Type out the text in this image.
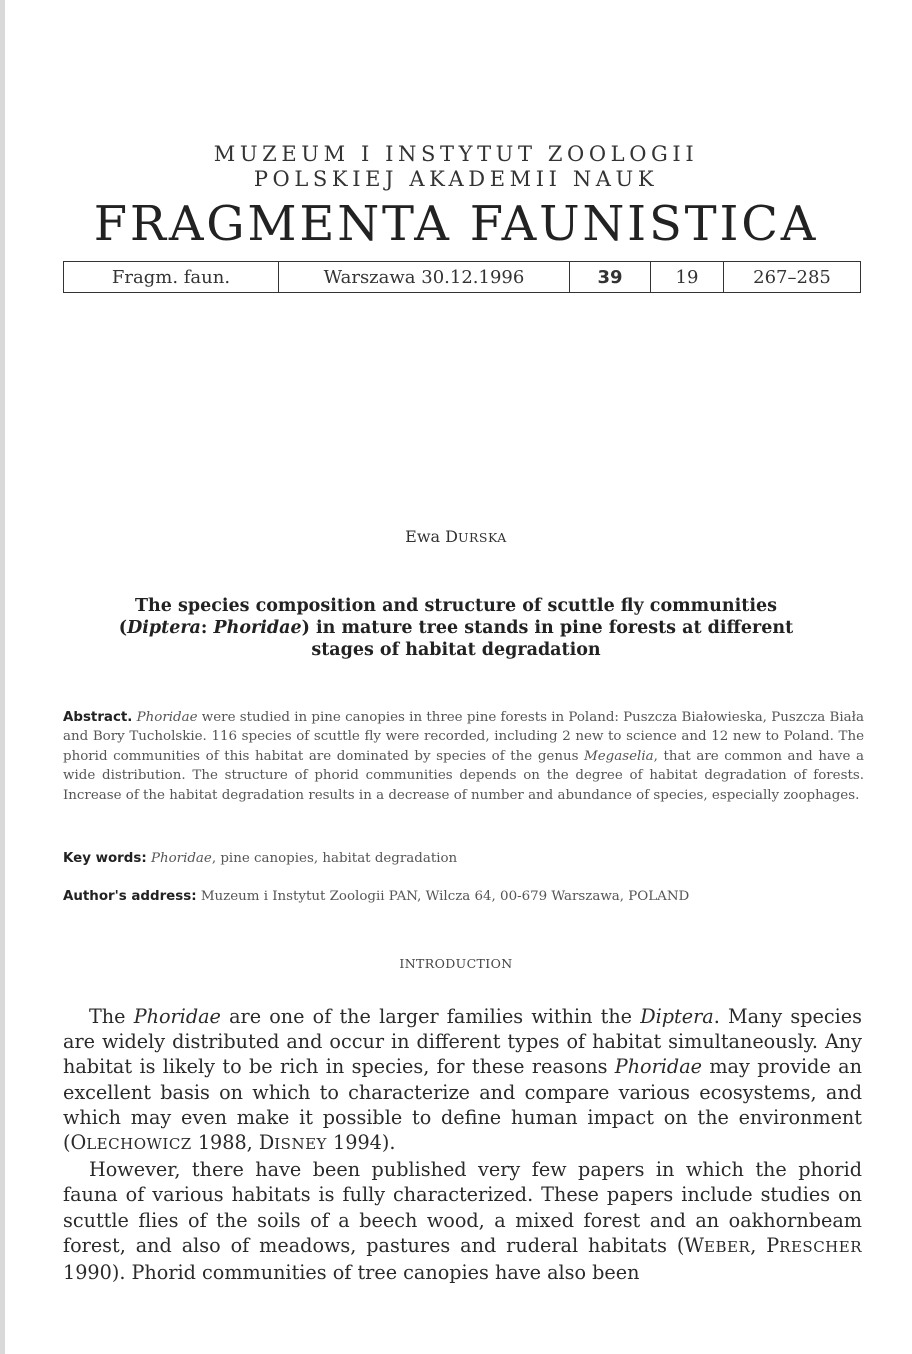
MUZEUM I INSTYTUT ZOOLOGII
POLSKIEJ AKADEMII NAUK
FRAGMENTA FAUNISTICA
Fragm. faun.	Warszawa 30.12.1996	39	19	267–285
Ewa DURSKA
The species composition and structure of scuttle fly communities
(Diptera: Phoridae) in mature tree stands in pine forests at different
stages of habitat degradation
Abstract. Phoridae were studied in pine canopies in three pine forests in Poland: Puszcza Białowieska, Puszcza Biała and Bory Tucholskie. 116 species of scuttle fly were recorded, including 2 new to science and 12 new to Poland. The phorid communities of this habitat are dominated by species of the genus Megaselia, that are common and have a wide distribution. The structure of phorid communities depends on the degree of habitat degradation of forests. Increase of the habitat degradation results in a decrease of number and abundance of species, especially zoophages.
Key words: Phoridae, pine canopies, habitat degradation
Author's address: Muzeum i Instytut Zoologii PAN, Wilcza 64, 00-679 Warszawa, POLAND
INTRODUCTION

The Phoridae are one of the larger families within the Diptera. Many species are widely distributed and occur in different types of habitat simultaneously. Any habitat is likely to be rich in species, for these reasons Phoridae may provide an excellent basis on which to characterize and compare various ecosystems, and which may even make it possible to define human impact on the environment (OLECHOWICZ 1988, DISNEY 1994).

However, there have been published very few papers in which the phorid fauna of various habitats is fully characterized. These papers include studies on scuttle flies of the soils of a beech wood, a mixed forest and an oakhornbeam forest, and also of meadows, pastures and ruderal habitats (WEBER, PRESCHER 1990). Phorid communities of tree canopies have also been
